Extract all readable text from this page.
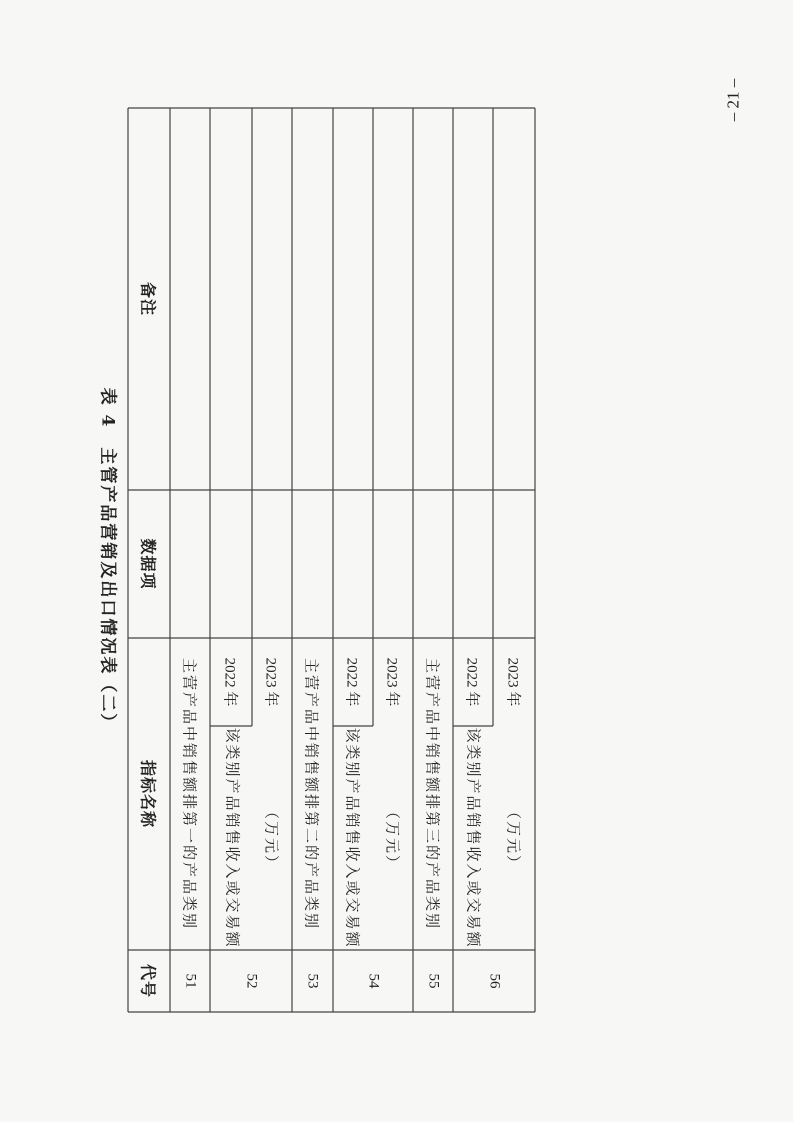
– 21 –
表 4　主管产品营销及出口情况表（二）
代号
指标名称
数据项
备注
51
主营产品中销售额排第一的产品类别
52
该类别产品销售收入或交易额 （万元）
2022 年 2023 年
53
主营产品中销售额排第二的产品类别
54
该类别产品销售收入或交易额 （万元）
2022 年 2023 年
55
主营产品中销售额排第三的产品类别
56
该类别产品销售收入或交易额 （万元）
2022 年 2023 年
